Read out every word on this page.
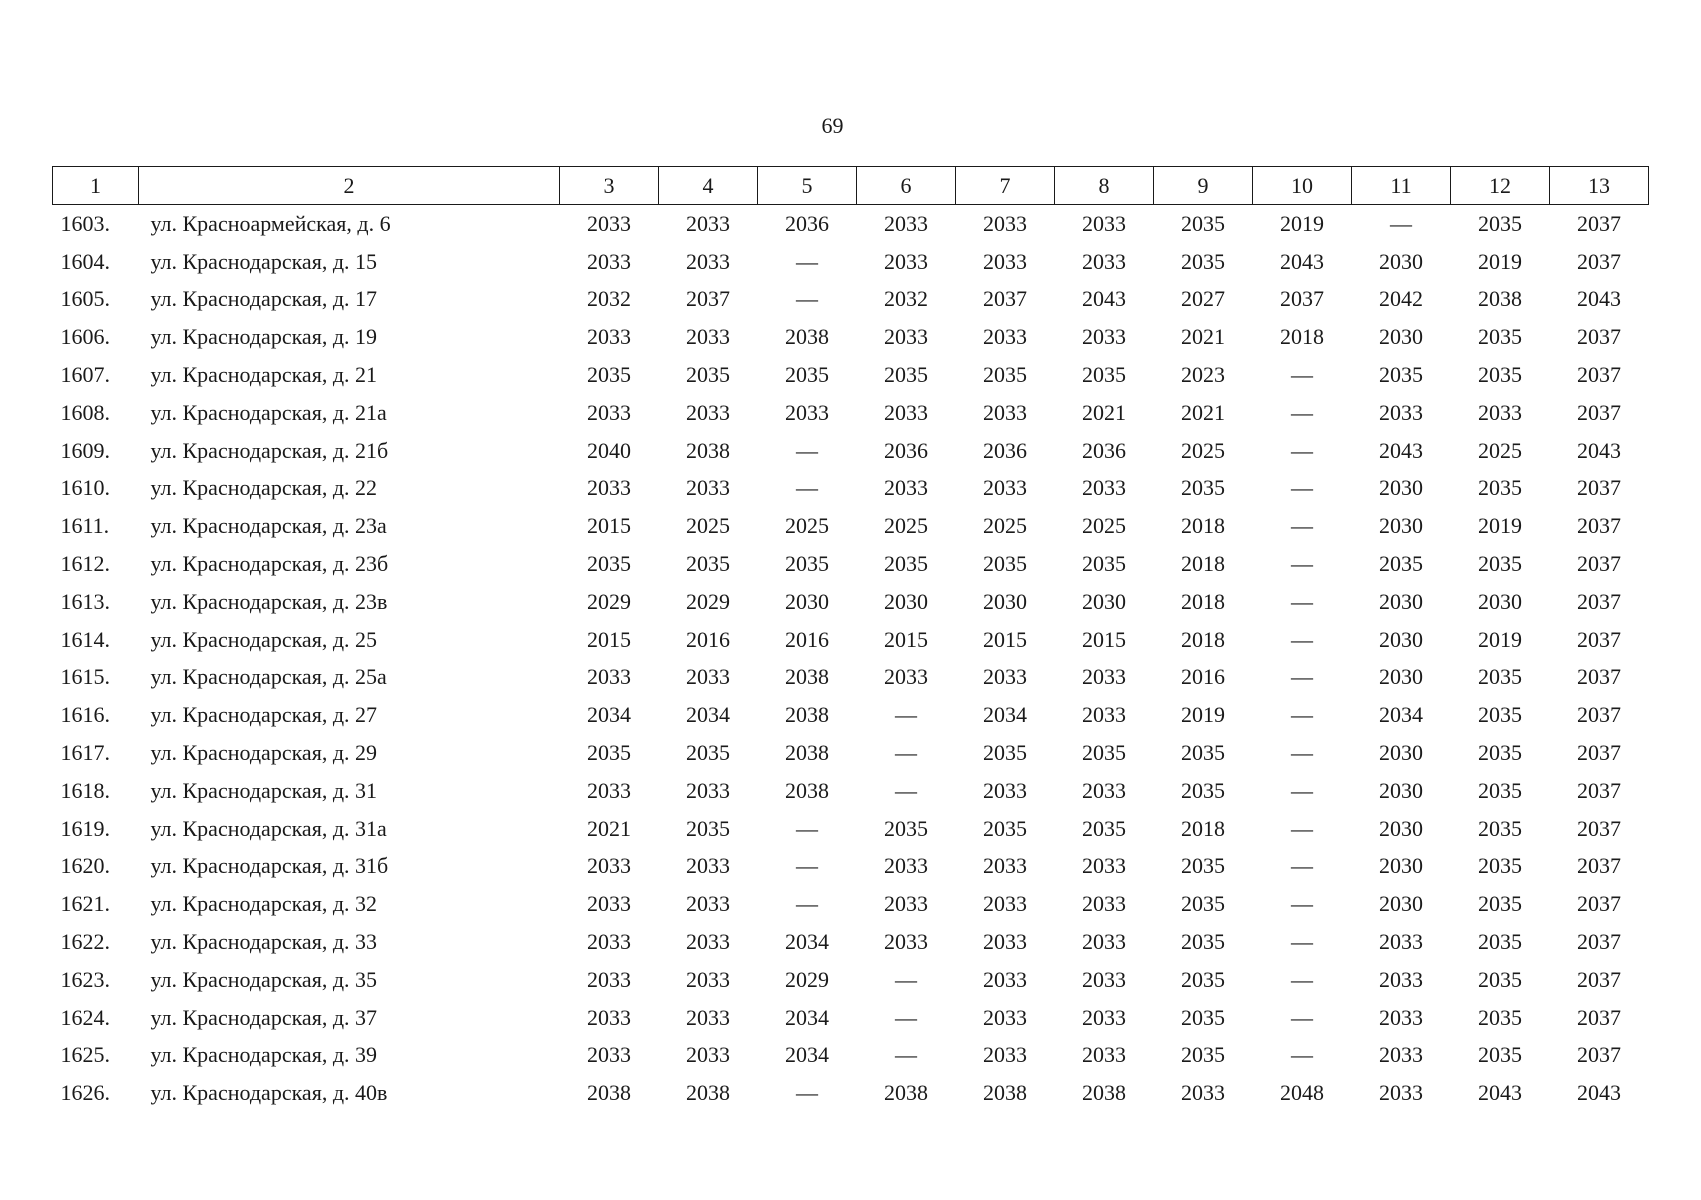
69
1	2	3	4	5	6	7	8	9	10	11	12	13
1603.	ул. Красноармейская, д. 6	2033	2033	2036	2033	2033	2033	2035	2019	—	2035	2037
1604.	ул. Краснодарская, д. 15	2033	2033	—	2033	2033	2033	2035	2043	2030	2019	2037
1605.	ул. Краснодарская, д. 17	2032	2037	—	2032	2037	2043	2027	2037	2042	2038	2043
1606.	ул. Краснодарская, д. 19	2033	2033	2038	2033	2033	2033	2021	2018	2030	2035	2037
1607.	ул. Краснодарская, д. 21	2035	2035	2035	2035	2035	2035	2023	—	2035	2035	2037
1608.	ул. Краснодарская, д. 21а	2033	2033	2033	2033	2033	2021	2021	—	2033	2033	2037
1609.	ул. Краснодарская, д. 21б	2040	2038	—	2036	2036	2036	2025	—	2043	2025	2043
1610.	ул. Краснодарская, д. 22	2033	2033	—	2033	2033	2033	2035	—	2030	2035	2037
1611.	ул. Краснодарская, д. 23а	2015	2025	2025	2025	2025	2025	2018	—	2030	2019	2037
1612.	ул. Краснодарская, д. 23б	2035	2035	2035	2035	2035	2035	2018	—	2035	2035	2037
1613.	ул. Краснодарская, д. 23в	2029	2029	2030	2030	2030	2030	2018	—	2030	2030	2037
1614.	ул. Краснодарская, д. 25	2015	2016	2016	2015	2015	2015	2018	—	2030	2019	2037
1615.	ул. Краснодарская, д. 25а	2033	2033	2038	2033	2033	2033	2016	—	2030	2035	2037
1616.	ул. Краснодарская, д. 27	2034	2034	2038	—	2034	2033	2019	—	2034	2035	2037
1617.	ул. Краснодарская, д. 29	2035	2035	2038	—	2035	2035	2035	—	2030	2035	2037
1618.	ул. Краснодарская, д. 31	2033	2033	2038	—	2033	2033	2035	—	2030	2035	2037
1619.	ул. Краснодарская, д. 31а	2021	2035	—	2035	2035	2035	2018	—	2030	2035	2037
1620.	ул. Краснодарская, д. 31б	2033	2033	—	2033	2033	2033	2035	—	2030	2035	2037
1621.	ул. Краснодарская, д. 32	2033	2033	—	2033	2033	2033	2035	—	2030	2035	2037
1622.	ул. Краснодарская, д. 33	2033	2033	2034	2033	2033	2033	2035	—	2033	2035	2037
1623.	ул. Краснодарская, д. 35	2033	2033	2029	—	2033	2033	2035	—	2033	2035	2037
1624.	ул. Краснодарская, д. 37	2033	2033	2034	—	2033	2033	2035	—	2033	2035	2037
1625.	ул. Краснодарская, д. 39	2033	2033	2034	—	2033	2033	2035	—	2033	2035	2037
1626.	ул. Краснодарская, д. 40в	2038	2038	—	2038	2038	2038	2033	2048	2033	2043	2043
